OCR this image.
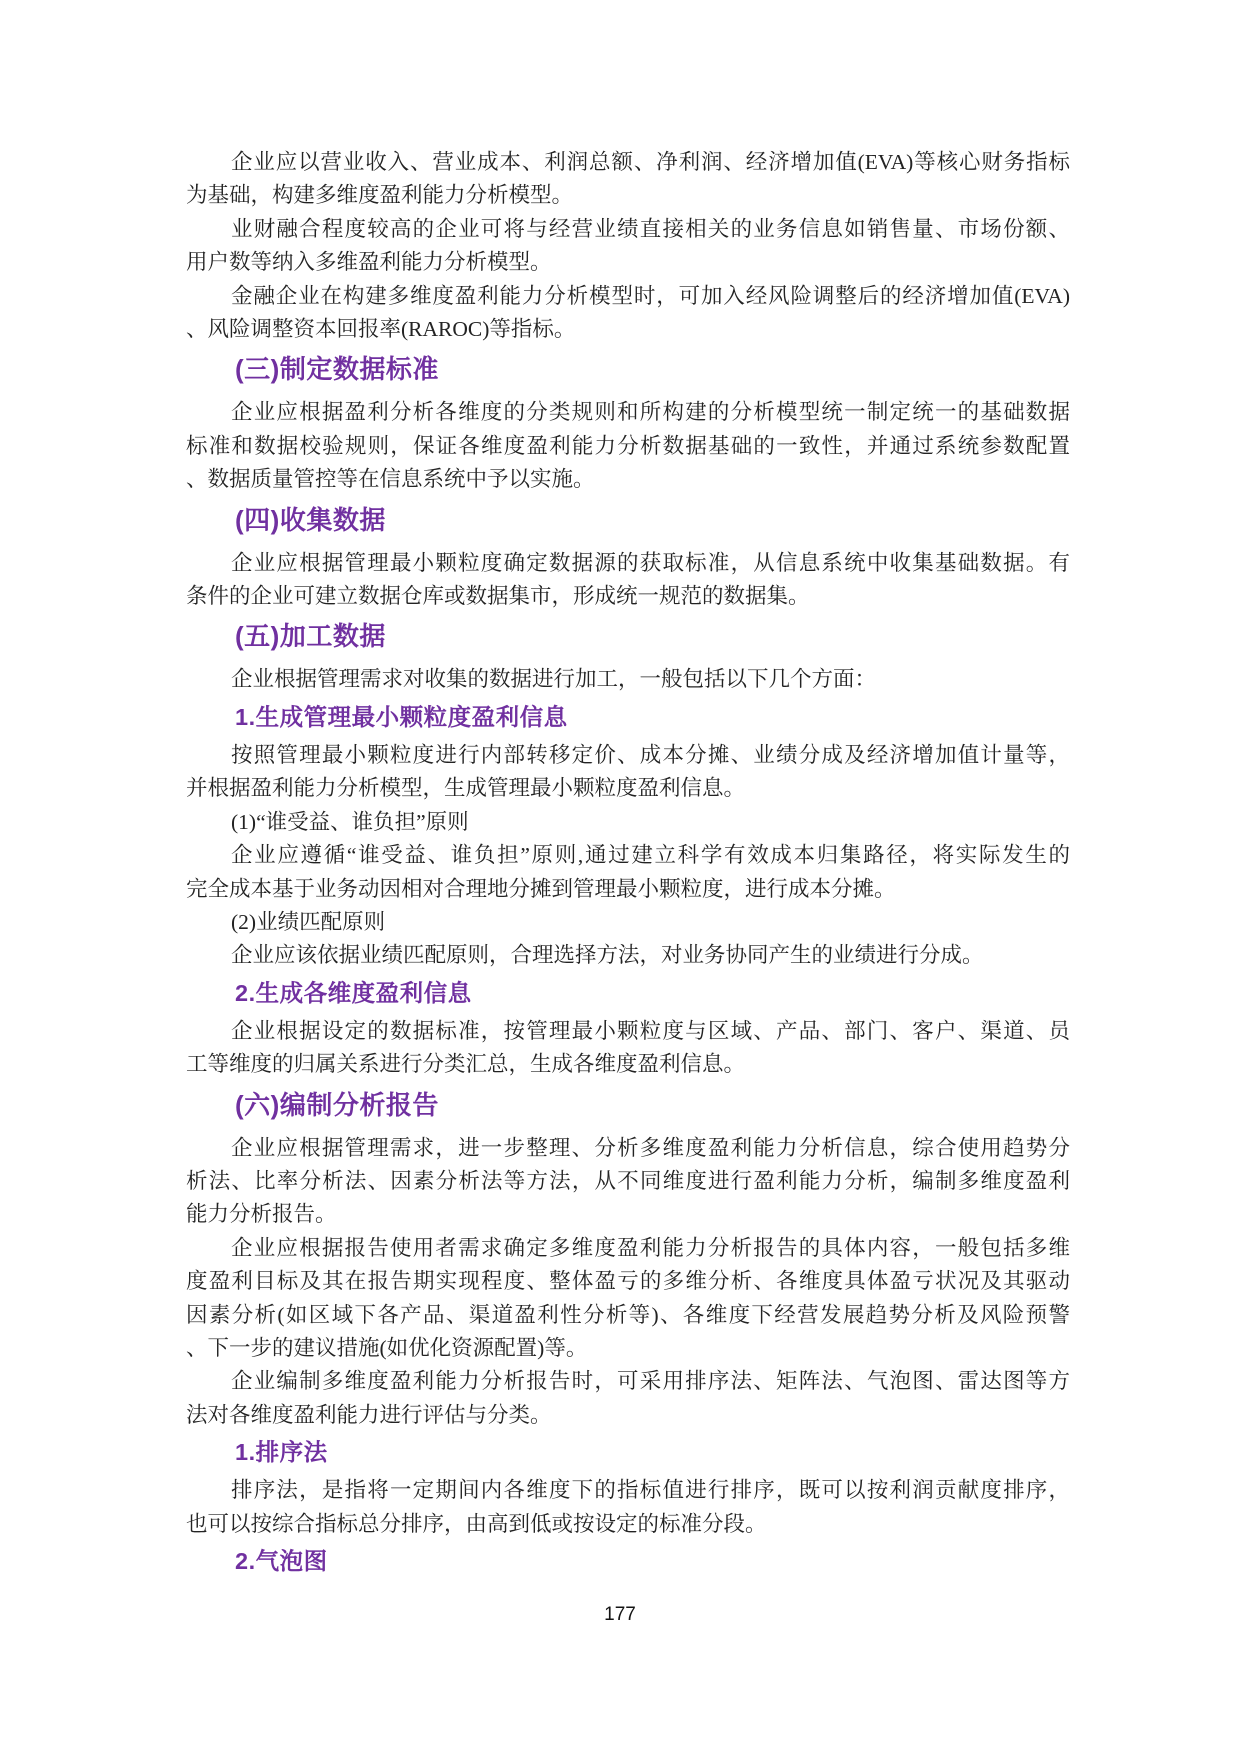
企业应以营业收入、营业成本、利润总额、净利润、经济增加值(EVA)等核心财务指标
为基础，构建多维度盈利能力分析模型。
业财融合程度较高的企业可将与经营业绩直接相关的业务信息如销售量、市场份额、
用户数等纳入多维盈利能力分析模型。
金融企业在构建多维度盈利能力分析模型时，可加入经风险调整后的经济增加值(EVA)
、风险调整资本回报率(RAROC)等指标。
(三)制定数据标准
企业应根据盈利分析各维度的分类规则和所构建的分析模型统一制定统一的基础数据
标准和数据校验规则，保证各维度盈利能力分析数据基础的一致性，并通过系统参数配置
、数据质量管控等在信息系统中予以实施。
(四)收集数据
企业应根据管理最小颗粒度确定数据源的获取标准，从信息系统中收集基础数据。有
条件的企业可建立数据仓库或数据集市，形成统一规范的数据集。
(五)加工数据
企业根据管理需求对收集的数据进行加工，一般包括以下几个方面：
1.生成管理最小颗粒度盈利信息
按照管理最小颗粒度进行内部转移定价、成本分摊、业绩分成及经济增加值计量等，
并根据盈利能力分析模型，生成管理最小颗粒度盈利信息。
(1)“谁受益、谁负担”原则
企业应遵循“谁受益、谁负担”原则,通过建立科学有效成本归集路径，将实际发生的
完全成本基于业务动因相对合理地分摊到管理最小颗粒度，进行成本分摊。
(2)业绩匹配原则
企业应该依据业绩匹配原则，合理选择方法，对业务协同产生的业绩进行分成。
2.生成各维度盈利信息
企业根据设定的数据标准，按管理最小颗粒度与区域、产品、部门、客户、渠道、员
工等维度的归属关系进行分类汇总，生成各维度盈利信息。
(六)编制分析报告
企业应根据管理需求，进一步整理、分析多维度盈利能力分析信息，综合使用趋势分
析法、比率分析法、因素分析法等方法，从不同维度进行盈利能力分析，编制多维度盈利
能力分析报告。
企业应根据报告使用者需求确定多维度盈利能力分析报告的具体内容，一般包括多维
度盈利目标及其在报告期实现程度、整体盈亏的多维分析、各维度具体盈亏状况及其驱动
因素分析(如区域下各产品、渠道盈利性分析等)、各维度下经营发展趋势分析及风险预警
、下一步的建议措施(如优化资源配置)等。
企业编制多维度盈利能力分析报告时，可采用排序法、矩阵法、气泡图、雷达图等方
法对各维度盈利能力进行评估与分类。
1.排序法
排序法，是指将一定期间内各维度下的指标值进行排序，既可以按利润贡献度排序，
也可以按综合指标总分排序，由高到低或按设定的标准分段。
2.气泡图
177
